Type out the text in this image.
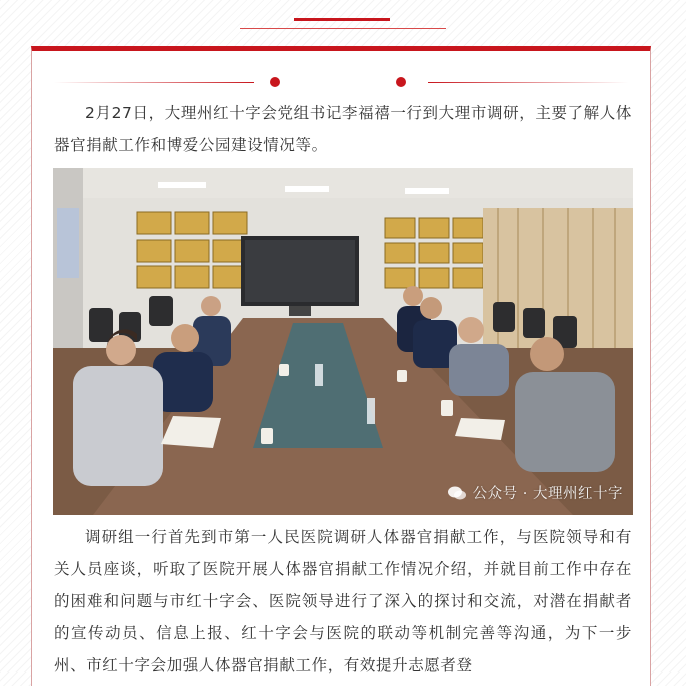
2月27日，大理州红十字会党组书记李福禧一行到大理市调研，主要了解人体器官捐献工作和博爱公园建设情况等。

公众号 · 大理州红十字

调研组一行首先到市第一人民医院调研人体器官捐献工作，与医院领导和有关人员座谈，听取了医院开展人体器官捐献工作情况介绍，并就目前工作中存在的困难和问题与市红十字会、医院领导进行了深入的探讨和交流，对潜在捐献者的宣传动员、信息上报、红十字会与医院的联动等机制完善等沟通，为下一步州、市红十字会加强人体器官捐献工作，有效提升志愿者登
